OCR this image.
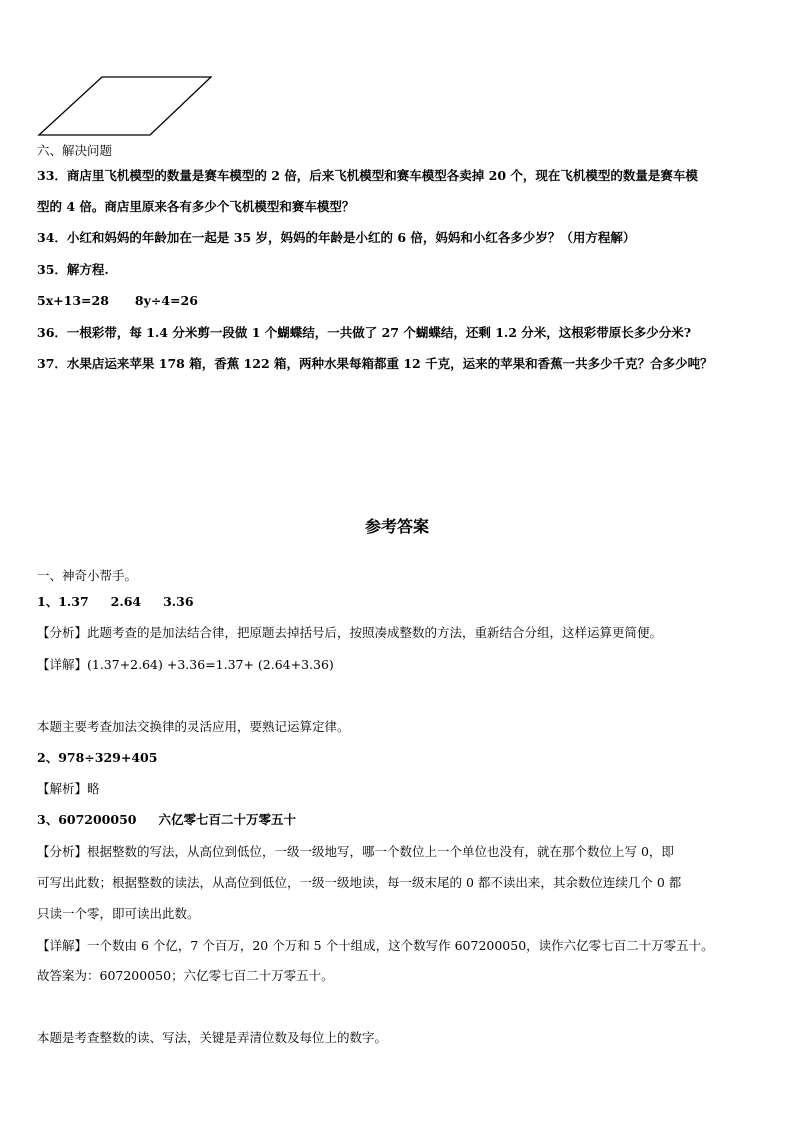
六、解决问题
33．商店里飞机模型的数量是赛车模型的 2 倍，后来飞机模型和赛车模型各卖掉 20 个，现在飞机模型的数量是赛车模
型的 4 倍。商店里原来各有多少个飞机模型和赛车模型？
34．小红和妈妈的年龄加在一起是 35 岁，妈妈的年龄是小红的 6 倍，妈妈和小红各多少岁？（用方程解）
35．解方程.
5x+13=28 8y÷4=26
36．一根彩带，每 1.4 分米剪一段做 1 个蝴蝶结，一共做了 27 个蝴蝶结，还剩 1.2 分米，这根彩带原长多少分米?
37．水果店运来苹果 178 箱，香蕉 122 箱，两种水果每箱都重 12 千克，运来的苹果和香蕉一共多少千克？合多少吨？
参考答案
一、神奇小帮手。
1、1.37 2.64 3.36
【分析】此题考查的是加法结合律，把原题去掉括号后，按照凑成整数的方法，重新结合分组，这样运算更简便。
【详解】(1.37+2.64) +3.36=1.37+ (2.64+3.36)
本题主要考查加法交换律的灵活应用，要熟记运算定律。
2、978÷329+405
【解析】略
3、607200050 六亿零七百二十万零五十
【分析】根据整数的写法，从高位到低位，一级一级地写，哪一个数位上一个单位也没有，就在那个数位上写 0，即
可写出此数；根据整数的读法，从高位到低位，一级一级地读，每一级末尾的 0 都不读出来，其余数位连续几个 0 都
只读一个零，即可读出此数。
【详解】一个数由 6 个亿，7 个百万，20 个万和 5 个十组成，这个数写作 607200050，读作六亿零七百二十万零五十。
故答案为：607200050；六亿零七百二十万零五十。
本题是考查整数的读、写法，关键是弄清位数及每位上的数字。
